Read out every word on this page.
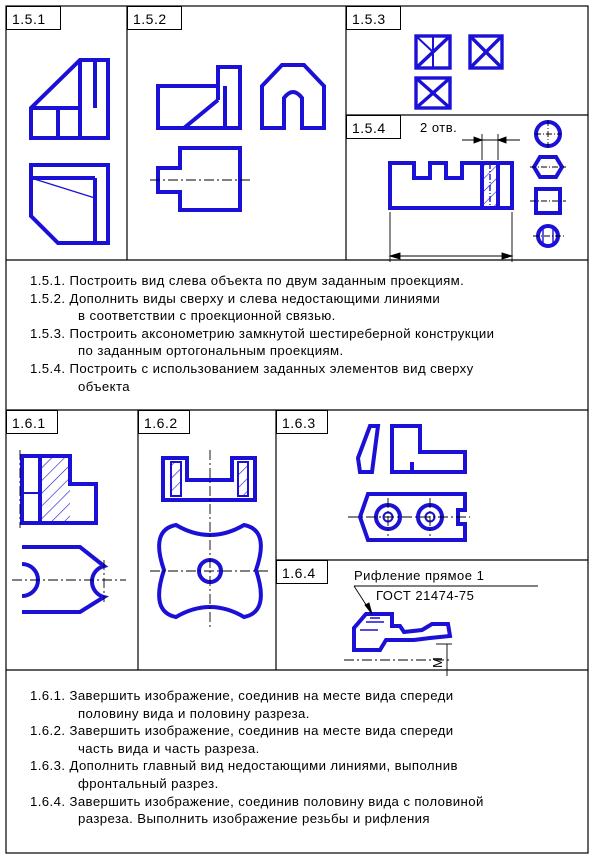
2 отв.
Рифление прямое 1
ГОСТ 21474-75
M
1.5.1	1.5.2	1.5.3
1.5.4
1.6.1	1.6.2	1.6.3
1.6.4
1.5.1. Построить вид слева объекта по двум заданным проекциям.
1.5.2. Дополнить виды сверху и слева недостающими линиями
в соответствии с проекционной связью.
1.5.3. Построить аксонометрию замкнутой шестиреберной конструкции
по заданным ортогональным проекциям.
1.5.4. Построить с использованием заданных элементов вид сверху
объекта
1.6.1. Завершить изображение, соединив на месте вида спереди
половину вида и половину разреза.
1.6.2. Завершить изображение, соединив на месте вида спереди
часть вида и часть разреза.
1.6.3. Дополнить главный вид недостающими линиями, выполнив
фронтальный разрез.
1.6.4. Завершить изображение, соединив половину вида с половиной
разреза. Выполнить изображение резьбы и рифления
